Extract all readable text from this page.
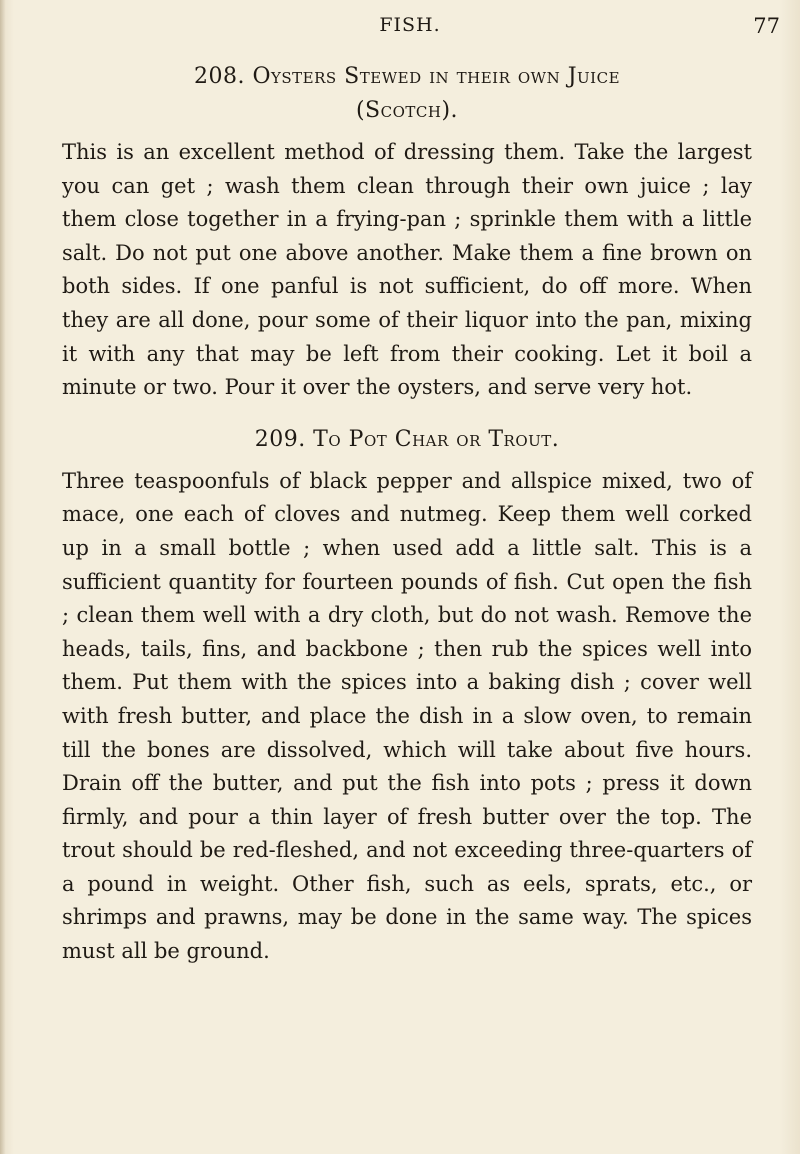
FISH.	77
208. Oysters Stewed in their own Juice
(Scotch).

This is an excellent method of dressing them. Take the largest you can get ; wash them clean through their own juice ; lay them close together in a frying-pan ; sprinkle them with a little salt. Do not put one above another. Make them a fine brown on both sides. If one panful is not sufficient, do off more. When they are all done, pour some of their liquor into the pan, mixing it with any that may be left from their cooking. Let it boil a minute or two. Pour it over the oysters, and serve very hot.

209. To Pot Char or Trout.

Three teaspoonfuls of black pepper and allspice mixed, two of mace, one each of cloves and nutmeg. Keep them well corked up in a small bottle ; when used add a little salt. This is a sufficient quantity for fourteen pounds of fish. Cut open the fish ; clean them well with a dry cloth, but do not wash. Remove the heads, tails, fins, and backbone ; then rub the spices well into them. Put them with the spices into a baking dish ; cover well with fresh butter, and place the dish in a slow oven, to remain till the bones are dissolved, which will take about five hours. Drain off the butter, and put the fish into pots ; press it down firmly, and pour a thin layer of fresh butter over the top. The trout should be red-fleshed, and not exceeding three-quarters of a pound in weight. Other fish, such as eels, sprats, etc., or shrimps and prawns, may be done in the same way. The spices must all be ground.
